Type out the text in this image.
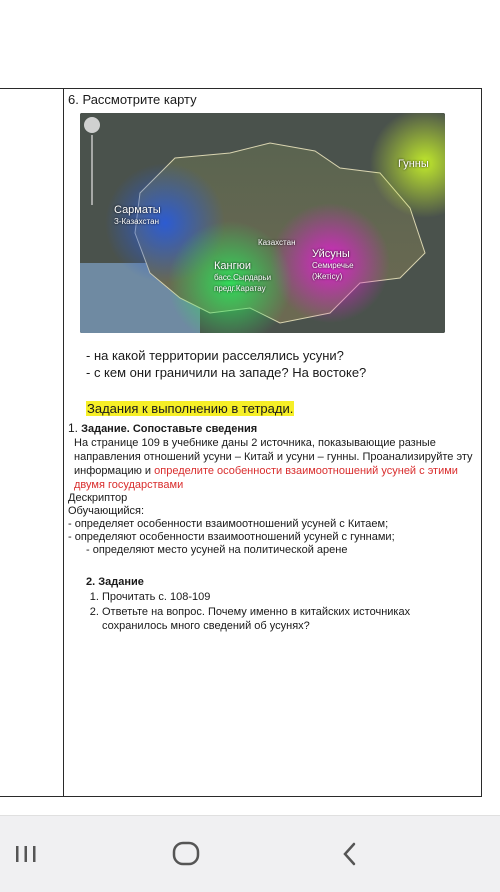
6. Рассмотрите карту
Сарматы
З-Казахстан
Гунны
Казахстан
Уйсуны
Семиречье
(Жетісу)
Кангюи
басс.Сырдарьи
предг.Каратау
- на какой территории расселялись усуни?
- с кем они граничили на западе? На востоке?
Задания к выполнению в тетради.
1. Задание. Сопоставьте сведения
На странице 109 в учебнике даны 2 источника, показывающие разные направления отношений усуни – Китай и усуни – гунны. Проанализируйте эту информацию и определите особенности взаимоотношений усуней с этими двумя государствами
Дескриптор
Обучающийся:
- определяет особенности взаимоотношений усуней с Китаем;
- определяют особенности взаимоотношений усуней с гуннами;
- определяют место усуней на политической арене
2. Задание
1. Прочитать с. 108-109
2. Ответьте на вопрос. Почему именно в китайских источниках сохранилось много сведений об усунях?
